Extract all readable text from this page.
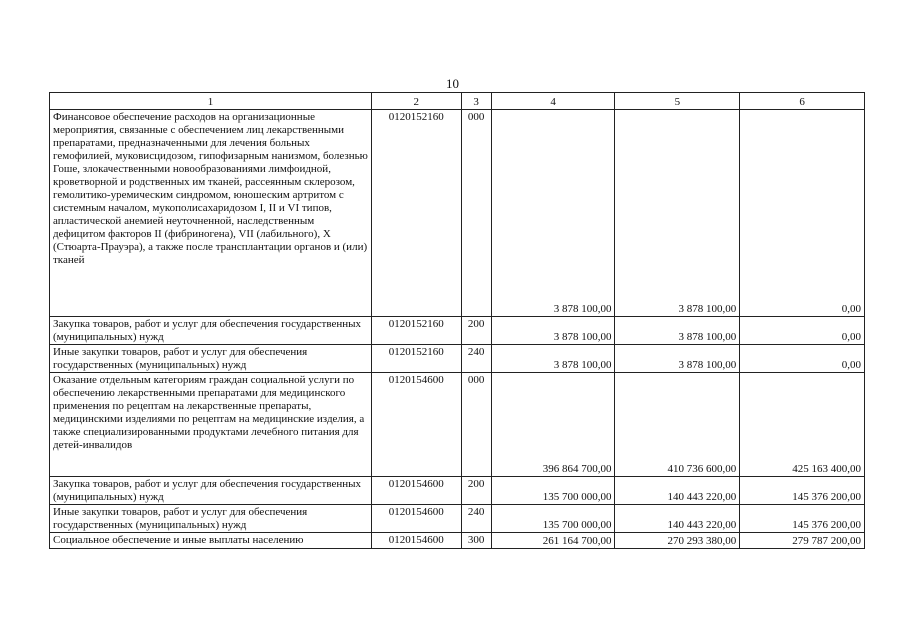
10
1	2	3	4	5	6
Финансовое обеспечение расходов на организационные мероприятия, связанные с обеспечением лиц лекарственными препаратами, предназначенными для лечения больных гемофилией, муковисцидозом, гипофизарным нанизмом, болезнью Гоше, злокачественными новообразованиями лимфоидной, кроветворной и родственных им тканей, рассеянным склерозом, гемолитико-уремическим синдромом, юношеским артритом с системным началом, мукополисахаридозом I, II и VI типов, апластической анемией неуточненной, наследственным дефицитом факторов II (фибриногена), VII (лабильного), X (Стюарта-Прауэра), а также после трансплантации органов и (или) тканей	0120152160	000	3 878 100,00	3 878 100,00	0,00
Закупка товаров, работ и услуг для обеспечения государственных (муниципальных) нужд	0120152160	200	3 878 100,00	3 878 100,00	0,00
Иные закупки товаров, работ и услуг для обеспечения государственных (муниципальных) нужд	0120152160	240	3 878 100,00	3 878 100,00	0,00
Оказание отдельным категориям граждан социальной услуги по обеспечению лекарственными препаратами для медицинского применения по рецептам на лекарственные препараты, медицинскими изделиями по рецептам на медицинские изделия, а также специализированными продуктами лечебного питания для детей-инвалидов	0120154600	000	396 864 700,00	410 736 600,00	425 163 400,00
Закупка товаров, работ и услуг для обеспечения государственных (муниципальных) нужд	0120154600	200	135 700 000,00	140 443 220,00	145 376 200,00
Иные закупки товаров, работ и услуг для обеспечения государственных (муниципальных) нужд	0120154600	240	135 700 000,00	140 443 220,00	145 376 200,00
Социальное обеспечение и иные выплаты населению	0120154600	300	261 164 700,00	270 293 380,00	279 787 200,00
